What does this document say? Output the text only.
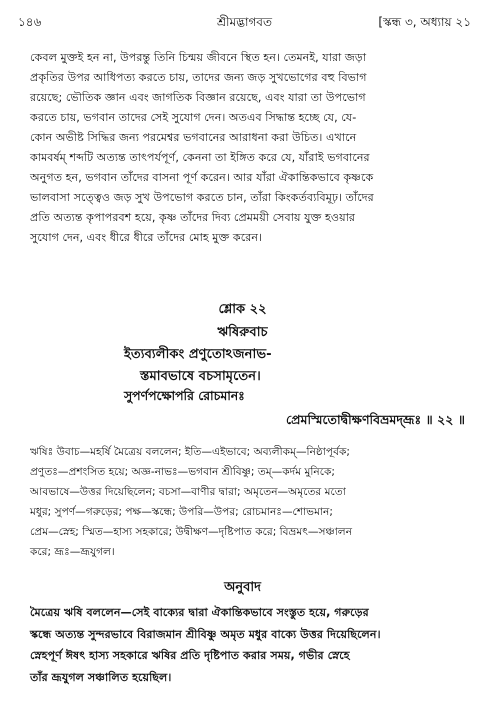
১৪৬	শ্রীমদ্ভাগবত	[স্কন্ধ ৩, অধ্যায় ২১
কেবল মুক্তই হন না, উপরন্তু তিনি চিন্ময় জীবনে স্থিত হন। তেমনই, যারা জড়া
প্রকৃতির উপর আধিপত্য করতে চায়, তাদের জন্য জড় সুখভোগের বহু বিভাগ
রয়েছে; ভৌতিক জ্ঞান এবং জাগতিক বিজ্ঞান রয়েছে, এবং যারা তা উপভোগ
করতে চায়, ভগবান তাদের সেই সুযোগ দেন। অতএব সিদ্ধান্ত হচ্ছে যে, যে-
কোন অভীষ্ট সিদ্ধির জন্য পরমেশ্বর ভগবানের আরাধনা করা উচিত। এখানে
কামবর্ষম্ শব্দটি অত্যন্ত তাৎপর্যপূর্ণ, কেননা তা ইঙ্গিত করে যে, যাঁরাই ভগবানের
অনুগত হন, ভগবান তাঁদের বাসনা পূর্ণ করেন। আর যাঁরা ঐকান্তিকভাবে কৃষ্ণকে
ভালবাসা সত্ত্বেও জড় সুখ উপভোগ করতে চান, তাঁরা কিংকর্তব্যবিমূঢ়। তাঁদের
প্রতি অত্যন্ত কৃপাপরবশ হয়ে, কৃষ্ণ তাঁদের দিব্য প্রেমময়ী সেবায় যুক্ত হওয়ার
সুযোগ দেন, এবং ধীরে ধীরে তাঁদের মোহ মুক্ত করেন।
শ্লোক ২২
ঋষিরুবাচ
ইত্যব্যলীকং প্রণুতোঽজনাভ-
স্তমাবভাষে বচসামৃতেন।
সুপর্ণপক্ষোপরি রোচমানঃ
প্রেমস্মিতোদ্বীক্ষণবিভ্রমদ্ভ্রূঃ ॥ ২২ ॥
ঋষিঃ উবাচ—মহর্ষি মৈত্রেয় বললেন; ইতি—এইভাবে; অব্যলীকম্—নিষ্ঠাপূর্বক;
প্রণুতঃ—প্রশংসিত হয়ে; অজ্ঞ-নাভঃ—ভগবান শ্রীবিষ্ণু; তম্—কর্দম মুনিকে;
আবভাষে—উত্তর দিয়েছিলেন; বচসা—বাণীর দ্বারা; অমৃতেন—অমৃতের মতো
মধুর; সুপর্ণ—গরুড়ের; পক্ষ—স্কন্ধে; উপরি—উপর; রোচমানঃ—শোভমান;
প্রেম—স্নেহ; স্মিত—হাস্য সহকারে; উদ্বীক্ষণ—দৃষ্টিপাত করে; বিভ্রমৎ—সঞ্চালন
করে; ভ্রূঃ—ভ্রূযুগল।
অনুবাদ
মৈত্রেয় ঋষি বললেন—সেই বাক্যের দ্বারা ঐকান্তিকভাবে সংস্তুত হয়ে, গরুড়ের
স্কন্ধে অত্যন্ত সুন্দরভাবে বিরাজমান শ্রীবিষ্ণু অমৃত মধুর বাক্যে উত্তর দিয়েছিলেন।
স্নেহপূর্ণ ঈষৎ হাস্য সহকারে ঋষির প্রতি দৃষ্টিপাত করার সময়, গভীর স্নেহে
তাঁর ভ্রূযুগল সঞ্চালিত হয়েছিল।
